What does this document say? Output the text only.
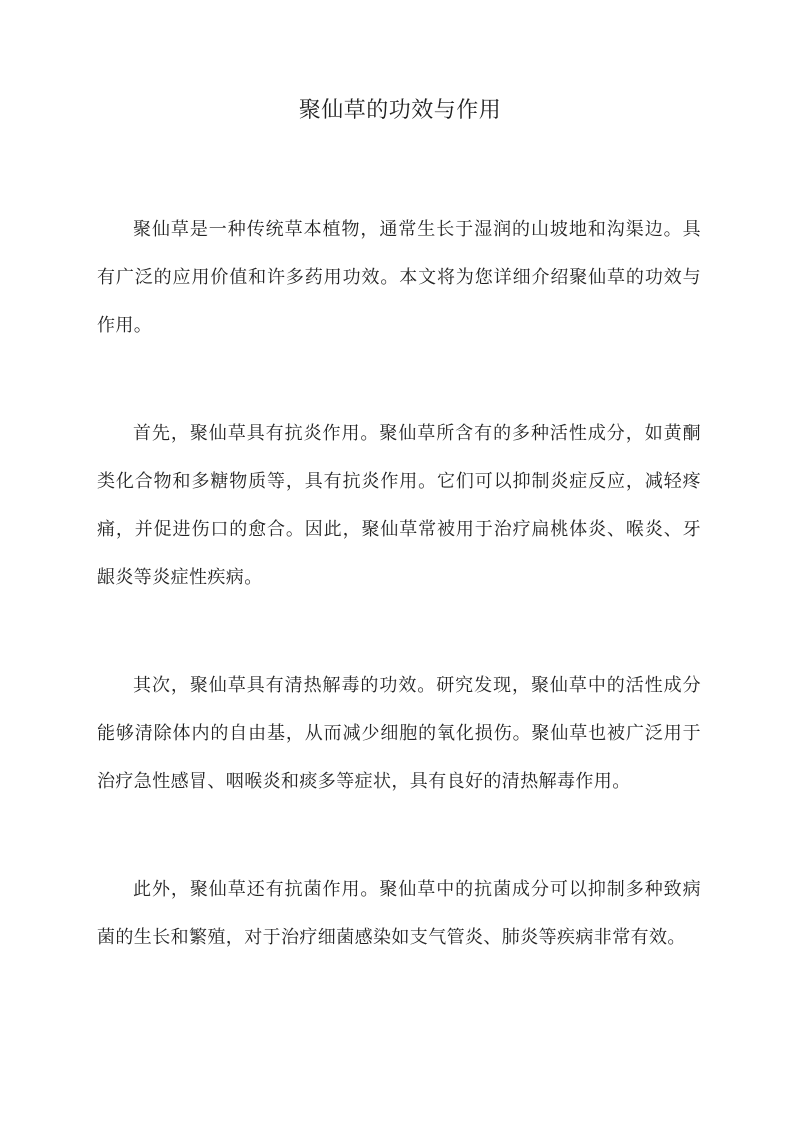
聚仙草的功效与作用

聚仙草是一种传统草本植物，通常生长于湿润的山坡地和沟渠边。具有广泛的应用价值和许多药用功效。本文将为您详细介绍聚仙草的功效与作用。

首先，聚仙草具有抗炎作用。聚仙草所含有的多种活性成分，如黄酮类化合物和多糖物质等，具有抗炎作用。它们可以抑制炎症反应，减轻疼痛，并促进伤口的愈合。因此，聚仙草常被用于治疗扁桃体炎、喉炎、牙龈炎等炎症性疾病。

其次，聚仙草具有清热解毒的功效。研究发现，聚仙草中的活性成分能够清除体内的自由基，从而减少细胞的氧化损伤。聚仙草也被广泛用于治疗急性感冒、咽喉炎和痰多等症状，具有良好的清热解毒作用。

此外，聚仙草还有抗菌作用。聚仙草中的抗菌成分可以抑制多种致病菌的生长和繁殖，对于治疗细菌感染如支气管炎、肺炎等疾病非常有效。
